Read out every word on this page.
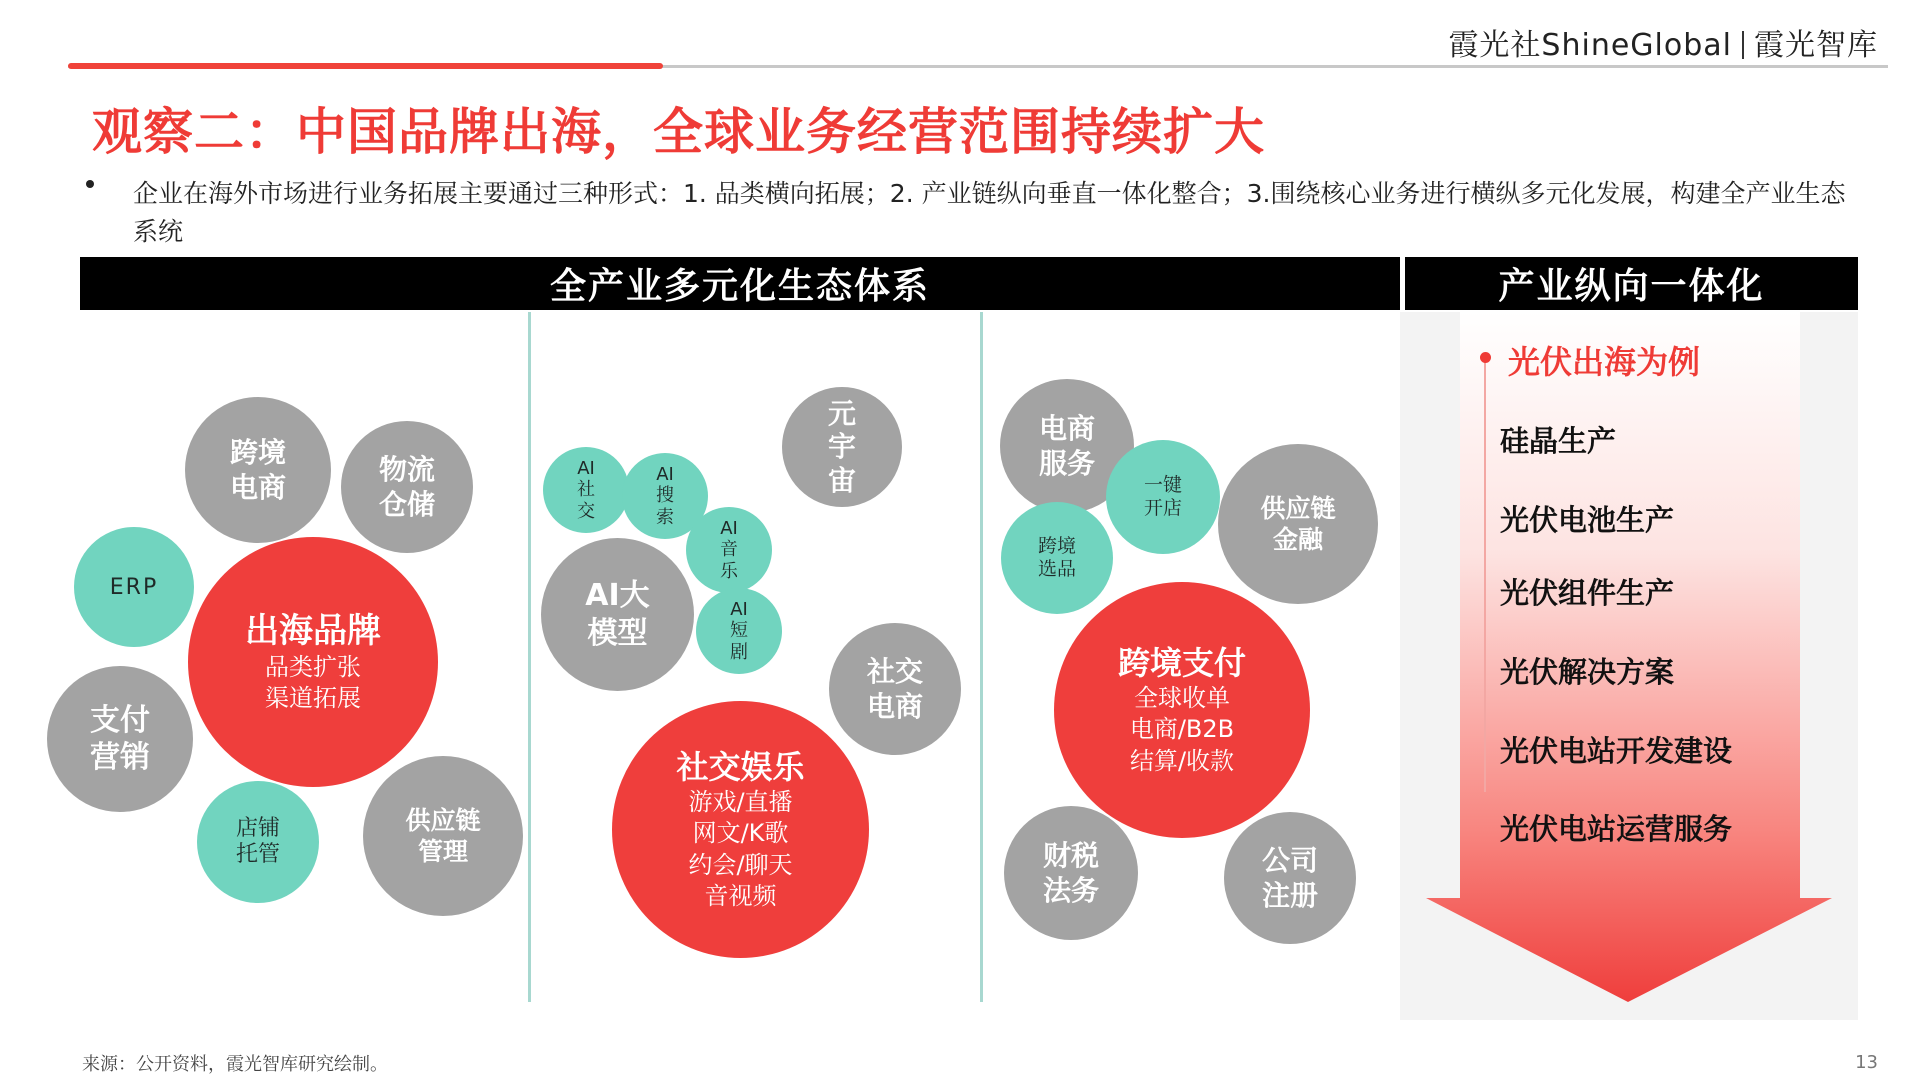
霞光社ShineGlobal 霞光智库
观察二：中国品牌出海，全球业务经营范围持续扩大
企业在海外市场进行业务拓展主要通过三种形式：1. 品类横向拓展；2. 产业链纵向垂直一体化整合；3.围绕核心业务进行横纵多元化发展，构建全产业生态系统
全产业多元化生态体系	产业纵向一体化
跨境电商
物流仓储
ERP
出海品牌
品类扩张
渠道拓展
支付营销
店铺托管
供应链管理
AI
社
交
AI搜索
AI音乐
AI短剧
元宇宙
AI大模型
社交电商
社交娱乐
游戏/直播
网文/K歌
约会/聊天
音视频
电商服务
一键开店
跨境选品
供应链金融
跨境支付
全球收单
电商/B2B
结算/收款
财税法务
公司注册
光伏出海为例
硅晶生产
光伏电池生产
光伏组件生产
光伏解决方案
光伏电站开发建设
光伏电站运营服务
来源：公开资料，霞光智库研究绘制。	13
